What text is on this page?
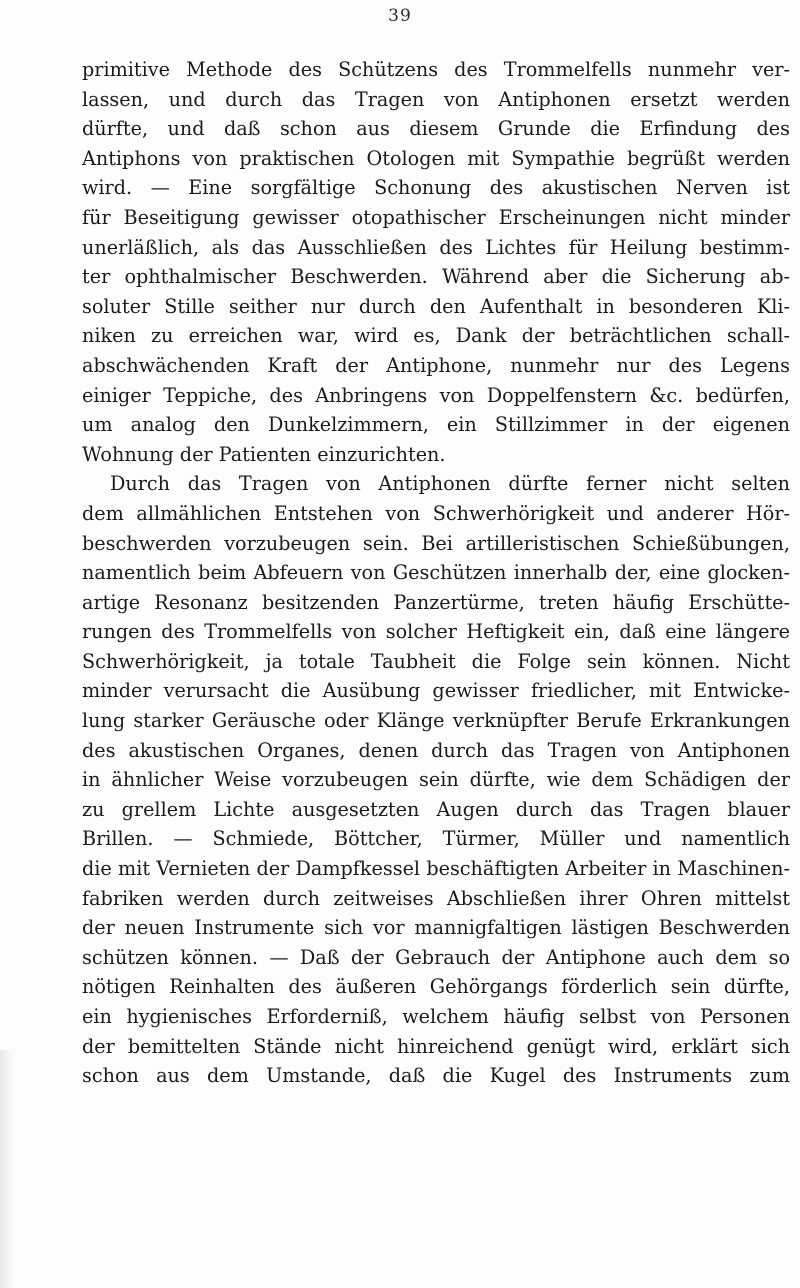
39
primitive Methode des Schützens des Trommelfells nunmehr ver-
lassen, und durch das Tragen von Antiphonen ersetzt werden
dürfte, und daß schon aus diesem Grunde die Erfindung des
Antiphons von praktischen Otologen mit Sympathie begrüßt werden
wird. — Eine sorgfältige Schonung des akustischen Nerven ist
für Beseitigung gewisser otopathischer Erscheinungen nicht minder
unerläßlich, als das Ausschließen des Lichtes für Heilung bestimm-
ter ophthalmischer Beschwerden. Während aber die Sicherung ab-
soluter Stille seither nur durch den Aufenthalt in besonderen Kli-
niken zu erreichen war, wird es, Dank der beträchtlichen schall-
abschwächenden Kraft der Antiphone, nunmehr nur des Legens
einiger Teppiche, des Anbringens von Doppelfenstern &c. bedürfen,
um analog den Dunkelzimmern, ein Stillzimmer in der eigenen
Wohnung der Patienten einzurichten.
Durch das Tragen von Antiphonen dürfte ferner nicht selten
dem allmählichen Entstehen von Schwerhörigkeit und anderer Hör-
beschwerden vorzubeugen sein. Bei artilleristischen Schießübungen,
namentlich beim Abfeuern von Geschützen innerhalb der, eine glocken-
artige Resonanz besitzenden Panzertürme, treten häufig Erschütte-
rungen des Trommelfells von solcher Heftigkeit ein, daß eine längere
Schwerhörigkeit, ja totale Taubheit die Folge sein können. Nicht
minder verursacht die Ausübung gewisser friedlicher, mit Entwicke-
lung starker Geräusche oder Klänge verknüpfter Berufe Erkrankungen
des akustischen Organes, denen durch das Tragen von Antiphonen
in ähnlicher Weise vorzubeugen sein dürfte, wie dem Schädigen der
zu grellem Lichte ausgesetzten Augen durch das Tragen blauer
Brillen. — Schmiede, Böttcher, Türmer, Müller und namentlich
die mit Vernieten der Dampfkessel beschäftigten Arbeiter in Maschinen-
fabriken werden durch zeitweises Abschließen ihrer Ohren mittelst
der neuen Instrumente sich vor mannigfaltigen lästigen Beschwerden
schützen können. — Daß der Gebrauch der Antiphone auch dem so
nötigen Reinhalten des äußeren Gehörgangs förderlich sein dürfte,
ein hygienisches Erforderniß, welchem häufig selbst von Personen
der bemittelten Stände nicht hinreichend genügt wird, erklärt sich
schon aus dem Umstande, daß die Kugel des Instruments zum
